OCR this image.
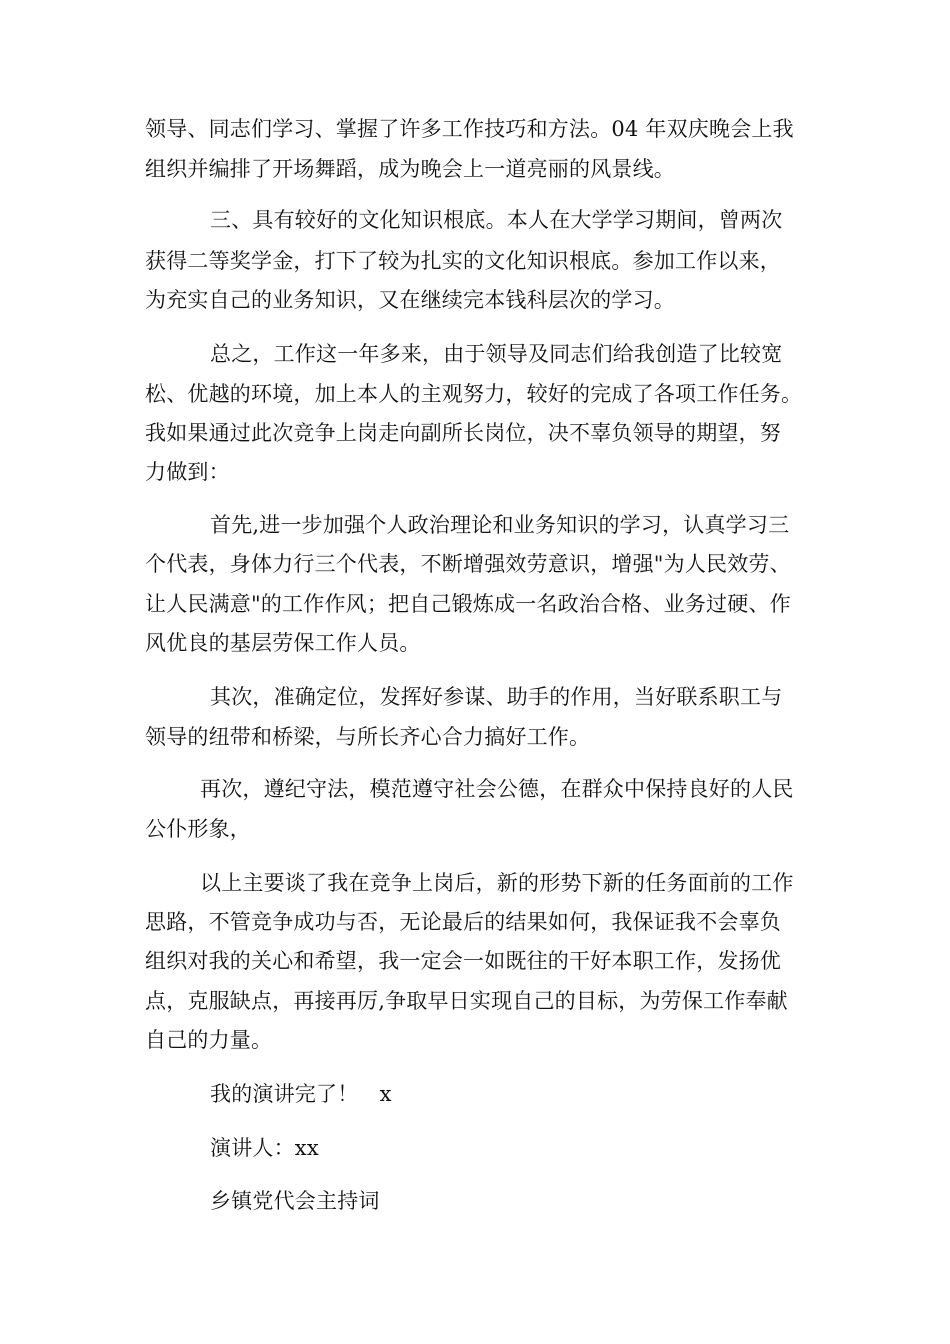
领导、同志们学习、掌握了许多工作技巧和方法。04 年双庆晚会上我
组织并编排了开场舞蹈，成为晚会上一道亮丽的风景线。
三、具有较好的文化知识根底。本人在大学学习期间，曾两次
获得二等奖学金，打下了较为扎实的文化知识根底。参加工作以来，
为充实自己的业务知识，又在继续完本钱科层次的学习。
总之，工作这一年多来，由于领导及同志们给我创造了比较宽
松、优越的环境，加上本人的主观努力，较好的完成了各项工作任务。
我如果通过此次竞争上岗走向副所长岗位，决不辜负领导的期望，努
力做到：
首先,进一步加强个人政治理论和业务知识的学习，认真学习三
个代表，身体力行三个代表，不断增强效劳意识，增强"为人民效劳、
让人民满意"的工作作风；把自己锻炼成一名政治合格、业务过硬、作
风优良的基层劳保工作人员。
其次，准确定位，发挥好参谋、助手的作用，当好联系职工与
领导的纽带和桥梁，与所长齐心合力搞好工作。
再次，遵纪守法，模范遵守社会公德，在群众中保持良好的人民
公仆形象，
以上主要谈了我在竞争上岗后，新的形势下新的任务面前的工作
思路，不管竞争成功与否，无论最后的结果如何，我保证我不会辜负
组织对我的关心和希望，我一定会一如既往的干好本职工作，发扬优
点，克服缺点，再接再厉,争取早日实现自己的目标，为劳保工作奉献
自己的力量。
我的演讲完了！　x
演讲人：xx
乡镇党代会主持词
